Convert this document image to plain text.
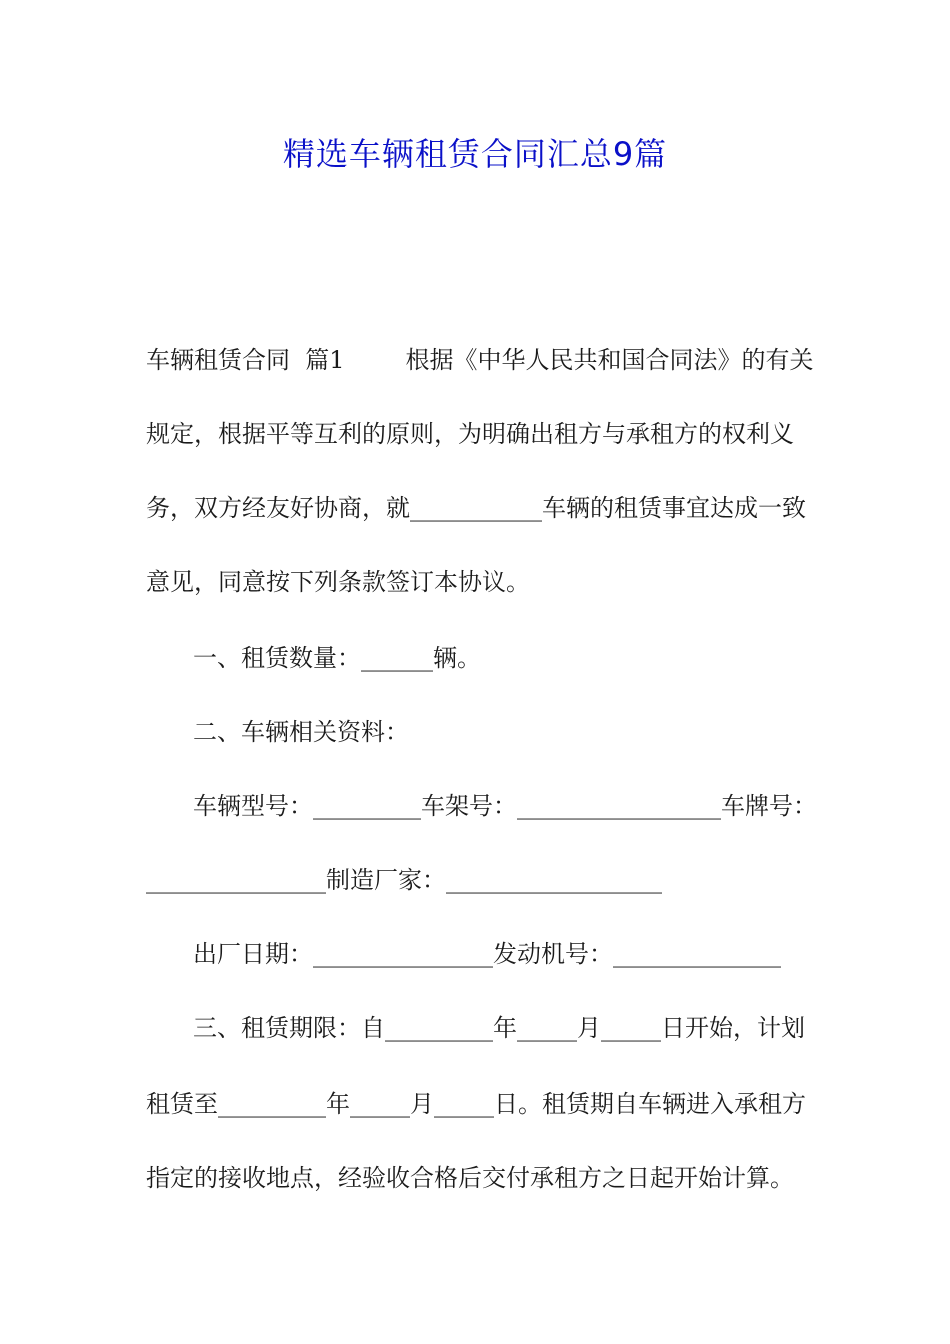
精选车辆租赁合同汇总9篇
车辆租赁合同  篇1        根据《中华人民共和国合同法》的有关
规定，根据平等互利的原则，为明确出租方与承租方的权利义
务，双方经友好协商，就___________车辆的租赁事宜达成一致
意见，同意按下列条款签订本协议。
一、租赁数量：______辆。
二、车辆相关资料：
车辆型号：_________车架号：_________________车牌号：
_______________制造厂家：__________________
出厂日期：_______________发动机号：______________
三、租赁期限：自_________年_____月_____日开始，计划
租赁至_________年_____月_____日。租赁期自车辆进入承租方
指定的接收地点，经验收合格后交付承租方之日起开始计算。
